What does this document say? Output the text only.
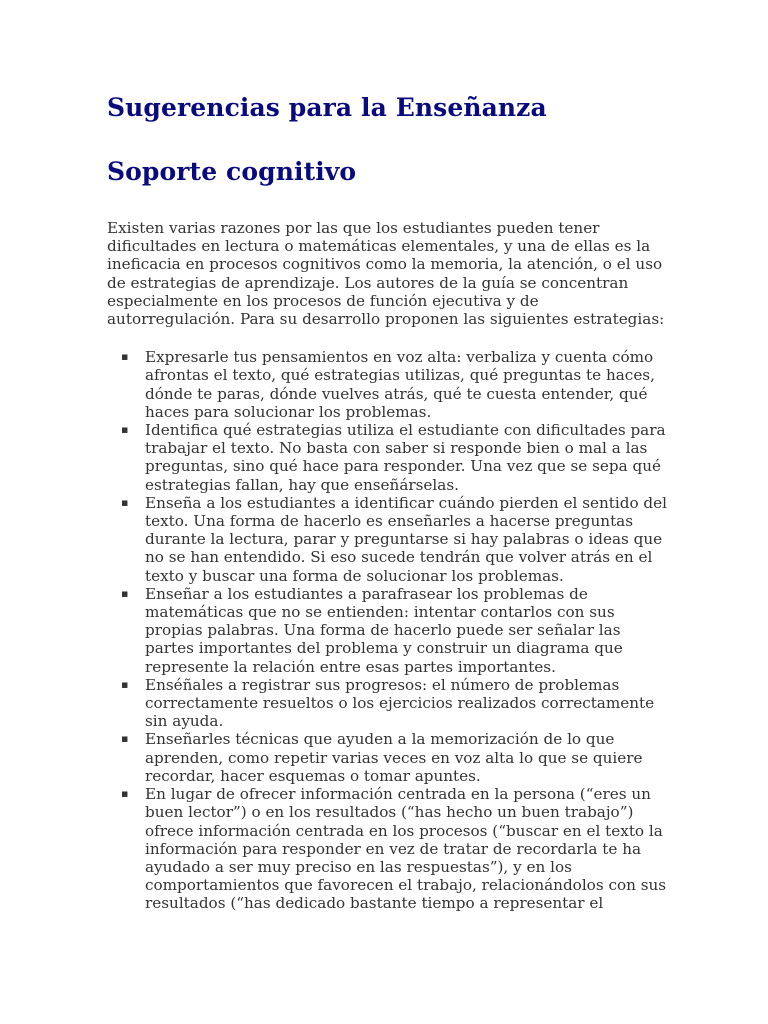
Sugerencias para la Enseñanza
Soporte cognitivo

Existen varias razones por las que los estudiantes pueden tener dificultades en lectura o matemáticas elementales, y una de ellas es la ineficacia en procesos cognitivos como la memoria, la atención, o el uso de estrategias de aprendizaje. Los autores de la guía se concentran especialmente en los procesos de función ejecutiva y de autorregulación. Para su desarrollo proponen las siguientes estrategias:

▪ Expresarle tus pensamientos en voz alta: verbaliza y cuenta cómo afrontas el texto, qué estrategias utilizas, qué preguntas te haces, dónde te paras, dónde vuelves atrás, qué te cuesta entender, qué haces para solucionar los problemas.
▪ Identifica qué estrategias utiliza el estudiante con dificultades para trabajar el texto. No basta con saber si responde bien o mal a las preguntas, sino qué hace para responder. Una vez que se sepa qué estrategias fallan, hay que enseñárselas.
▪ Enseña a los estudiantes a identificar cuándo pierden el sentido del texto. Una forma de hacerlo es enseñarles a hacerse preguntas durante la lectura, parar y preguntarse si hay palabras o ideas que no se han entendido. Si eso sucede tendrán que volver atrás en el texto y buscar una forma de solucionar los problemas.
▪ Enseñar a los estudiantes a parafrasear los problemas de matemáticas que no se entienden: intentar contarlos con sus propias palabras. Una forma de hacerlo puede ser señalar las partes importantes del problema y construir un diagrama que represente la relación entre esas partes importantes.
▪ Enséñales a registrar sus progresos: el número de problemas correctamente resueltos o los ejercicios realizados correctamente sin ayuda.
▪ Enseñarles técnicas que ayuden a la memorización de lo que aprenden, como repetir varias veces en voz alta lo que se quiere recordar, hacer esquemas o tomar apuntes.
▪ En lugar de ofrecer información centrada en la persona (“eres un buen lector”) o en los resultados (“has hecho un buen trabajo”) ofrece información centrada en los procesos (“buscar en el texto la información para responder en vez de tratar de recordarla te ha ayudado a ser muy preciso en las respuestas”), y en los comportamientos que favorecen el trabajo, relacionándolos con sus resultados (“has dedicado bastante tiempo a representar el
